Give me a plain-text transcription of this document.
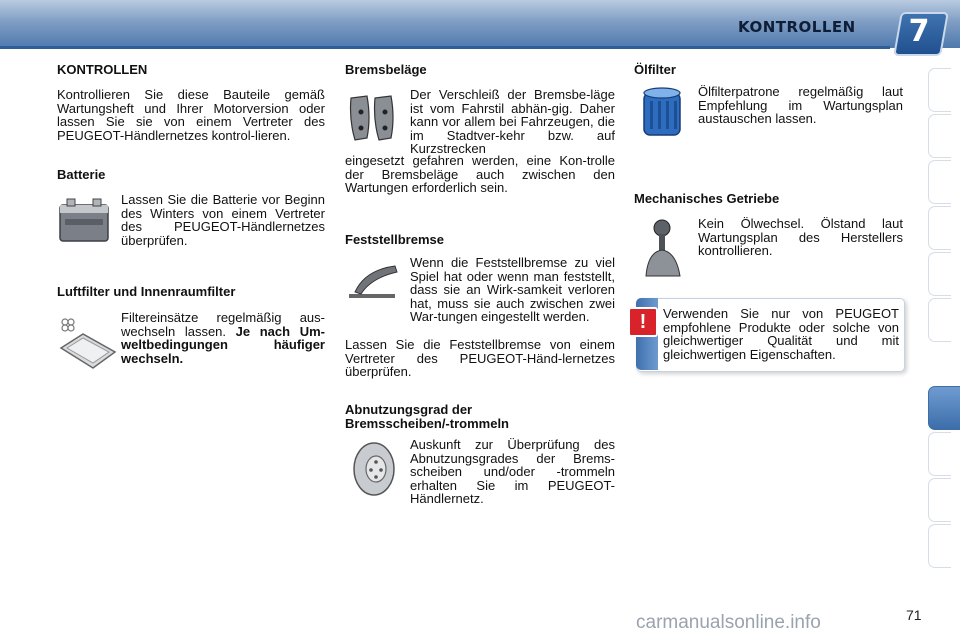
KONTROLLEN	7
KONTROLLEN

Kontrollieren Sie diese Bauteile gemäß Wartungsheft und Ihrer Motorversion oder lassen Sie sie von einem Vertreter des PEUGEOT-Händlernetzes kontrol-lieren.

Batterie

Lassen Sie die Batterie vor Beginn des Winters von einem Vertreter des PEUGEOT-Händlernetzes überprüfen.

Luftfilter und Innenraumfilter

Filtereinsätze regelmäßig aus-wechseln lassen. Je nach Um-weltbedingungen häufiger wechseln.

Bremsbeläge

Der Verschleiß der Bremsbe-läge ist vom Fahrstil abhän-gig. Daher kann vor allem bei Fahrzeugen, die im Stadtver-kehr bzw. auf Kurzstrecken

eingesetzt gefahren werden, eine Kon-trolle der Bremsbeläge auch zwischen den Wartungen erforderlich sein.

Feststellbremse

Wenn die Feststellbremse zu viel Spiel hat oder wenn man feststellt, dass sie an Wirk-samkeit verloren hat, muss sie auch zwischen zwei War-tungen eingestellt werden.

Lassen Sie die Feststellbremse von einem Vertreter des PEUGEOT-Händ-lernetzes überprüfen.

Abnutzungsgrad der
Bremsscheiben/-trommeln

Auskunft zur Überprüfung des Abnutzungsgrades der Brems-scheiben und/oder -trommeln erhalten Sie im PEUGEOT-Händlernetz.

Ölfilter

Ölfilterpatrone regelmäßig laut Empfehlung im Wartungsplan austauschen lassen.

Mechanisches Getriebe

Kein Ölwechsel. Ölstand laut Wartungsplan des Herstellers kontrollieren.

!	Verwenden Sie nur von PEUGEOT empfohlene Produkte oder solche von gleichwertiger Qualität und mit gleichwertigen Eigenschaften.

carmanualsonline.info	71
